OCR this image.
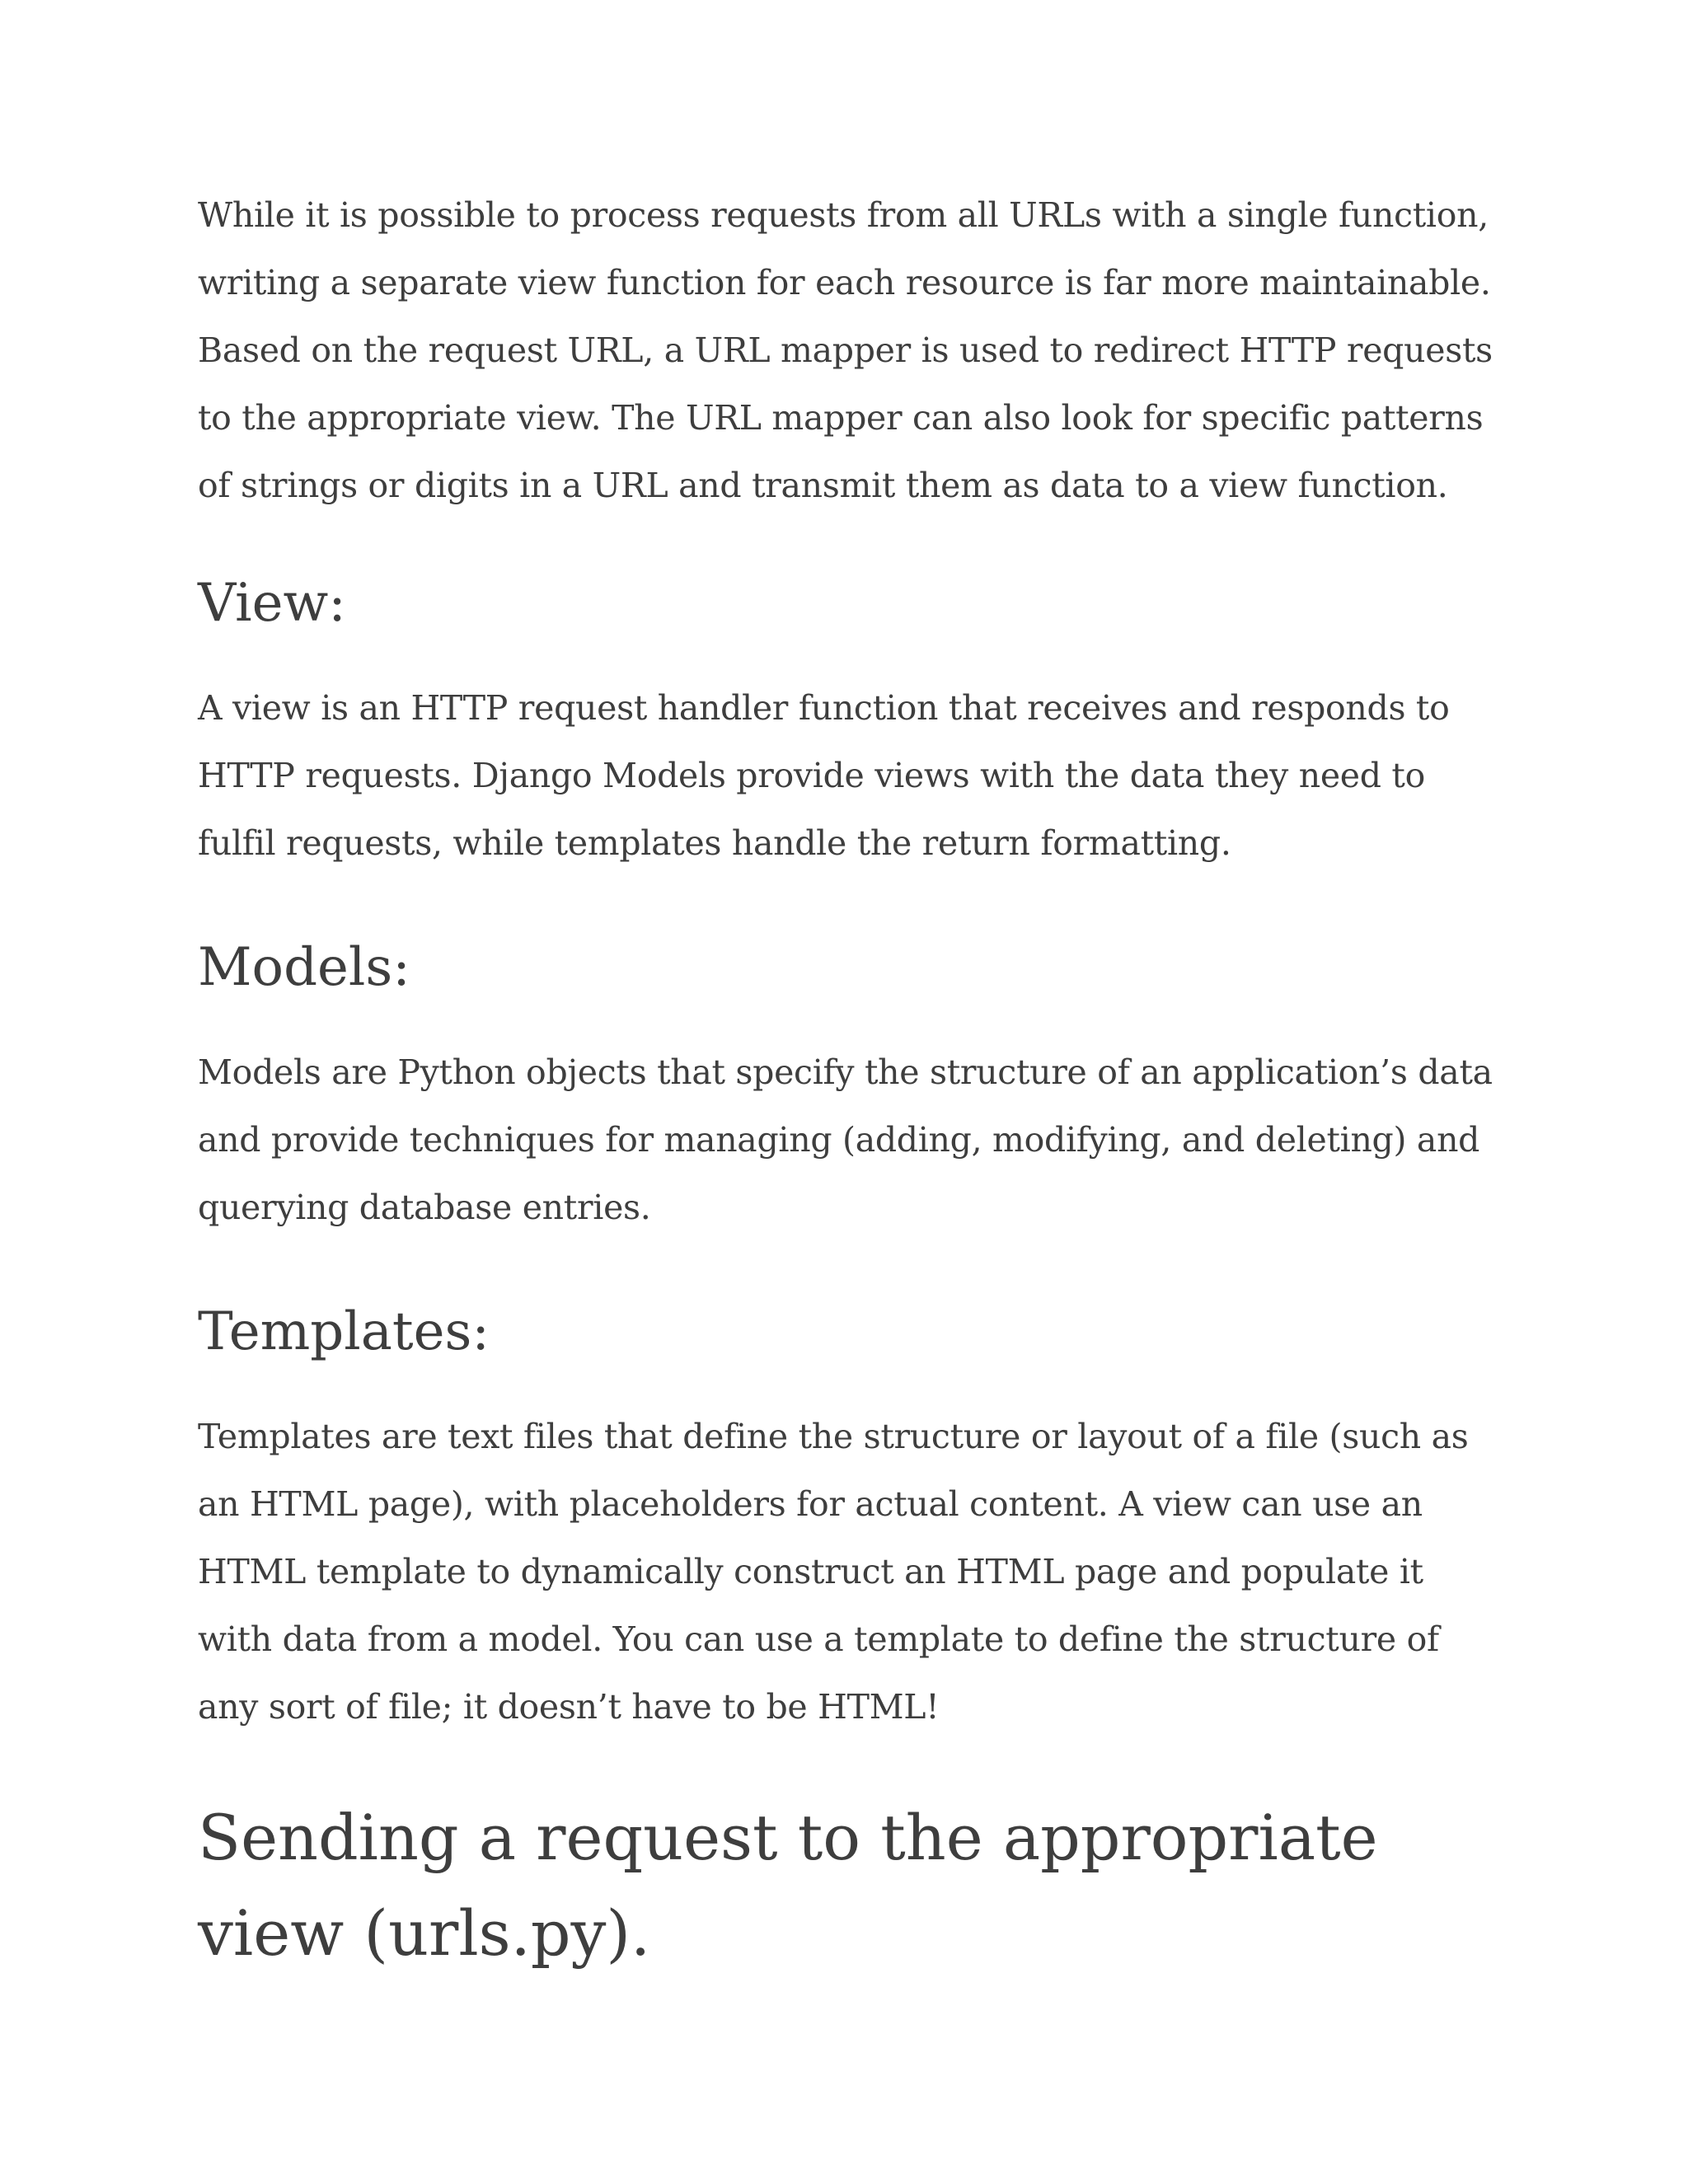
While it is possible to process requests from all URLs with a single function, writing a separate view function for each resource is far more maintainable. Based on the request URL, a URL mapper is used to redirect HTTP requests to the appropriate view. The URL mapper can also look for specific patterns of strings or digits in a URL and transmit them as data to a view function.

View:

A view is an HTTP request handler function that receives and responds to HTTP requests. Django Models provide views with the data they need to fulfil requests, while templates handle the return formatting.

Models:

Models are Python objects that specify the structure of an application’s data and provide techniques for managing (adding, modifying, and deleting) and querying database entries.

Templates:

Templates are text files that define the structure or layout of a file (such as an HTML page), with placeholders for actual content. A view can use an HTML template to dynamically construct an HTML page and populate it with data from a model. You can use a template to define the structure of any sort of file; it doesn’t have to be HTML!

Sending a request to the appropriate view (urls.py).
